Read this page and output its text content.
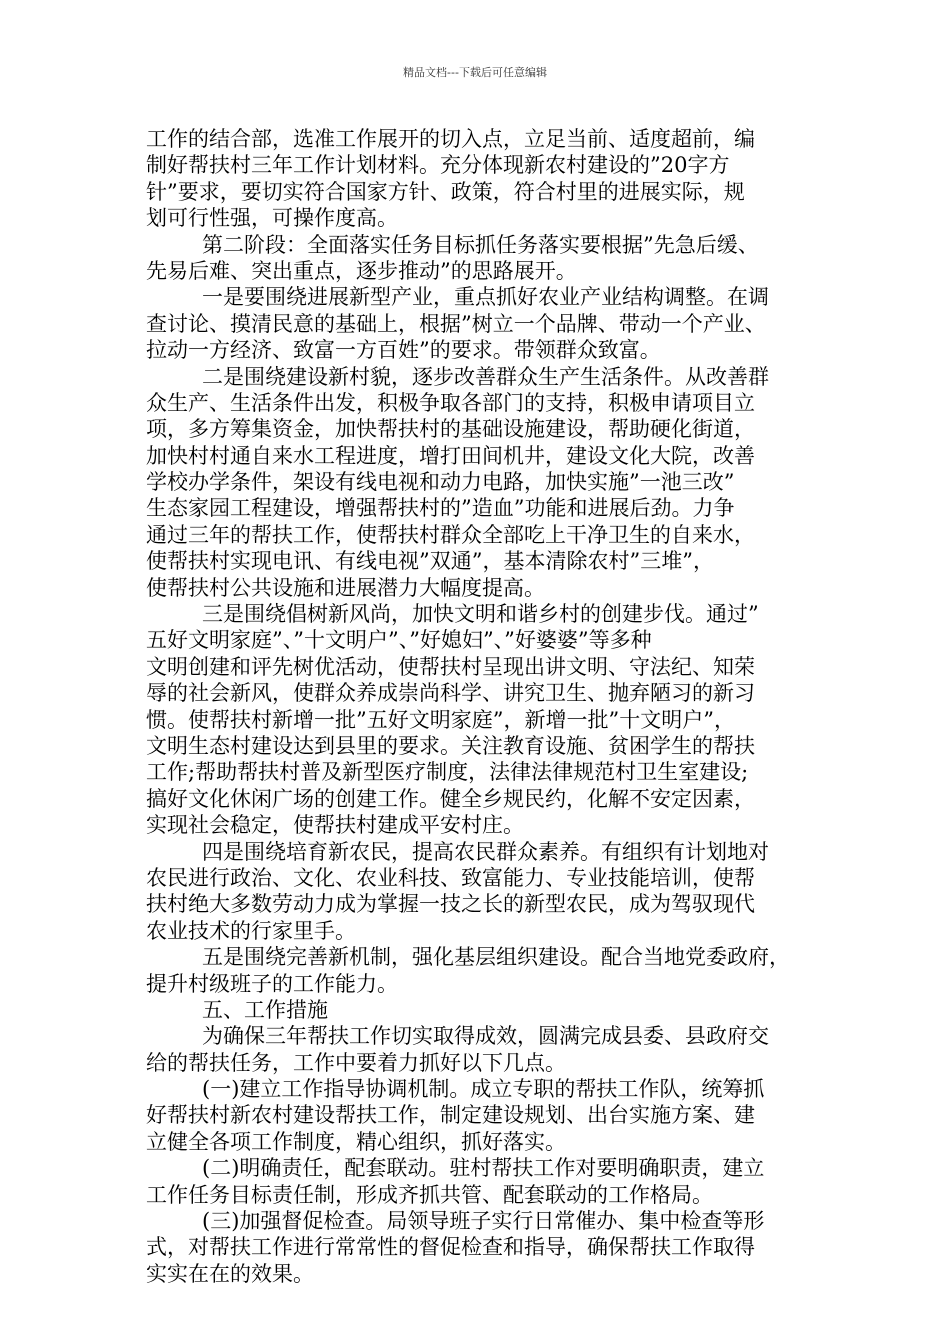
精品文档---下载后可任意编辑
工作的结合部，选准工作展开的切入点，立足当前、适度超前，编
制好帮扶村三年工作计划材料。充分体现新农村建设的”20字方
针”要求，要切实符合国家方针、政策，符合村里的进展实际，规
划可行性强，可操作度高。
第二阶段：全面落实任务目标抓任务落实要根据”先急后缓、
先易后难、突出重点，逐步推动”的思路展开。
一是要围绕进展新型产业，重点抓好农业产业结构调整。在调
查讨论、摸清民意的基础上，根据”树立一个品牌、带动一个产业、
拉动一方经济、致富一方百姓”的要求。带领群众致富。
二是围绕建设新村貌，逐步改善群众生产生活条件。从改善群
众生产、生活条件出发，积极争取各部门的支持，积极申请项目立
项，多方筹集资金，加快帮扶村的基础设施建设，帮助硬化街道，
加快村村通自来水工程进度，增打田间机井，建设文化大院，改善
学校办学条件，架设有线电视和动力电路，加快实施”一池三改”
生态家园工程建设，增强帮扶村的”造血”功能和进展后劲。力争
通过三年的帮扶工作，使帮扶村群众全部吃上干净卫生的自来水，
使帮扶村实现电讯、有线电视”双通”，基本清除农村”三堆”，
使帮扶村公共设施和进展潜力大幅度提高。
三是围绕倡树新风尚，加快文明和谐乡村的创建步伐。通过”
五好文明家庭”、”十文明户”、”好媳妇”、”好婆婆”等多种
文明创建和评先树优活动，使帮扶村呈现出讲文明、守法纪、知荣
辱的社会新风，使群众养成崇尚科学、讲究卫生、抛弃陋习的新习
惯。使帮扶村新增一批”五好文明家庭”，新增一批”十文明户”，
文明生态村建设达到县里的要求。关注教育设施、贫困学生的帮扶
工作;帮助帮扶村普及新型医疗制度，法律法律规范村卫生室建设;
搞好文化休闲广场的创建工作。健全乡规民约，化解不安定因素，
实现社会稳定，使帮扶村建成平安村庄。
四是围绕培育新农民，提高农民群众素养。有组织有计划地对
农民进行政治、文化、农业科技、致富能力、专业技能培训，使帮
扶村绝大多数劳动力成为掌握一技之长的新型农民，成为驾驭现代
农业技术的行家里手。
五是围绕完善新机制，强化基层组织建设。配合当地党委政府，
提升村级班子的工作能力。
五、工作措施
为确保三年帮扶工作切实取得成效，圆满完成县委、县政府交
给的帮扶任务，工作中要着力抓好以下几点。
(一)建立工作指导协调机制。成立专职的帮扶工作队，统筹抓
好帮扶村新农村建设帮扶工作，制定建设规划、出台实施方案、建
立健全各项工作制度，精心组织，抓好落实。
(二)明确责任，配套联动。驻村帮扶工作对要明确职责，建立
工作任务目标责任制，形成齐抓共管、配套联动的工作格局。
(三)加强督促检查。局领导班子实行日常催办、集中检查等形
式，对帮扶工作进行常常性的督促检查和指导，确保帮扶工作取得
实实在在的效果。
